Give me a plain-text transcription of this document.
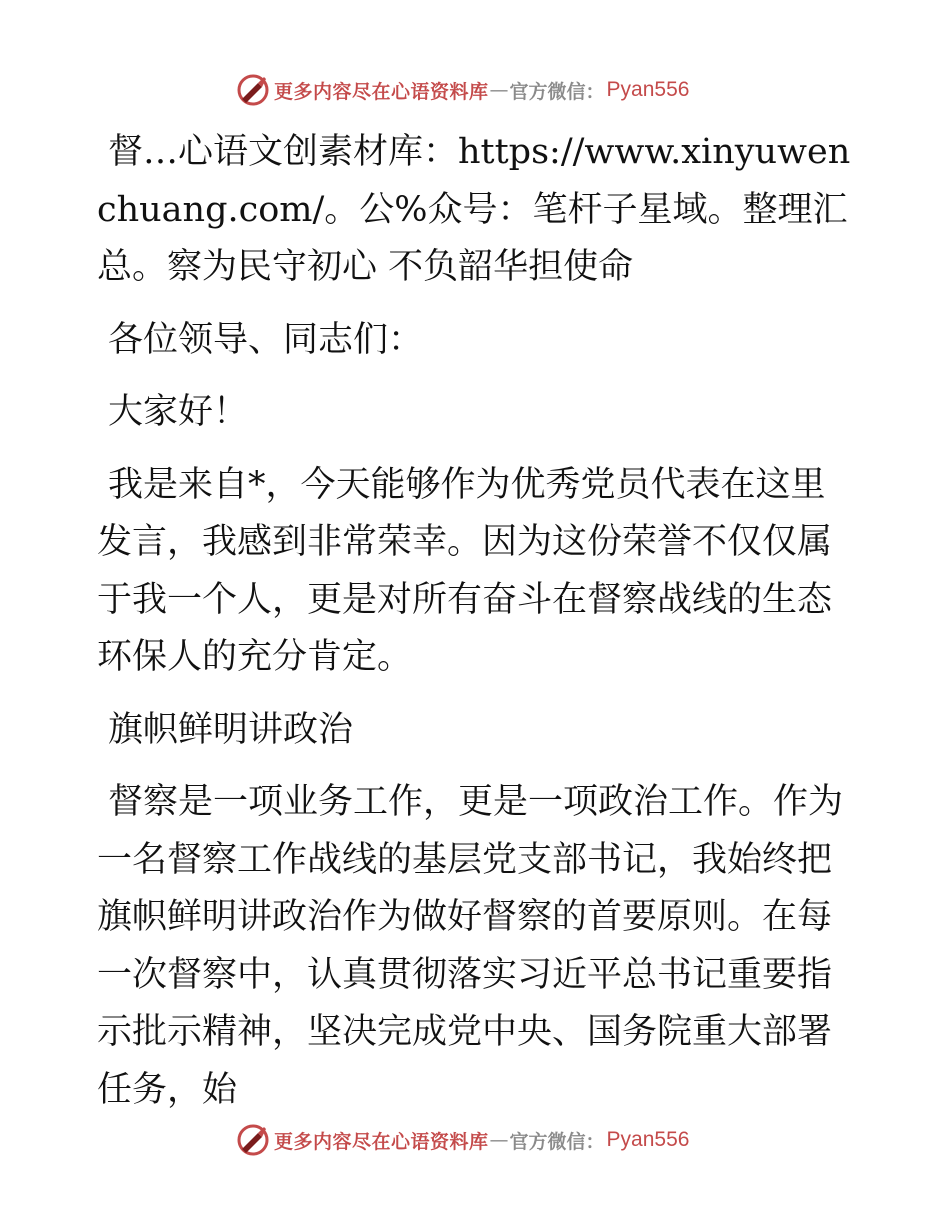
更多内容尽在心语资料库 — 官方微信： Pyan556

督…心语文创素材库：https://www.xinyuwenchuang.com/。公%众号：笔杆子星域。整理汇总。察为民守初心 不负韶华担使命

各位领导、同志们：

大家好！

我是来自*，今天能够作为优秀党员代表在这里发言，我感到非常荣幸。因为这份荣誉不仅仅属于我一个人，更是对所有奋斗在督察战线的生态环保人的充分肯定。

旗帜鲜明讲政治

督察是一项业务工作，更是一项政治工作。作为一名督察工作战线的基层党支部书记，我始终把旗帜鲜明讲政治作为做好督察的首要原则。在每一次督察中，认真贯彻落实习近平总书记重要指示批示精神，坚决完成党中央、国务院重大部署任务，始

更多内容尽在心语资料库 — 官方微信： Pyan556
